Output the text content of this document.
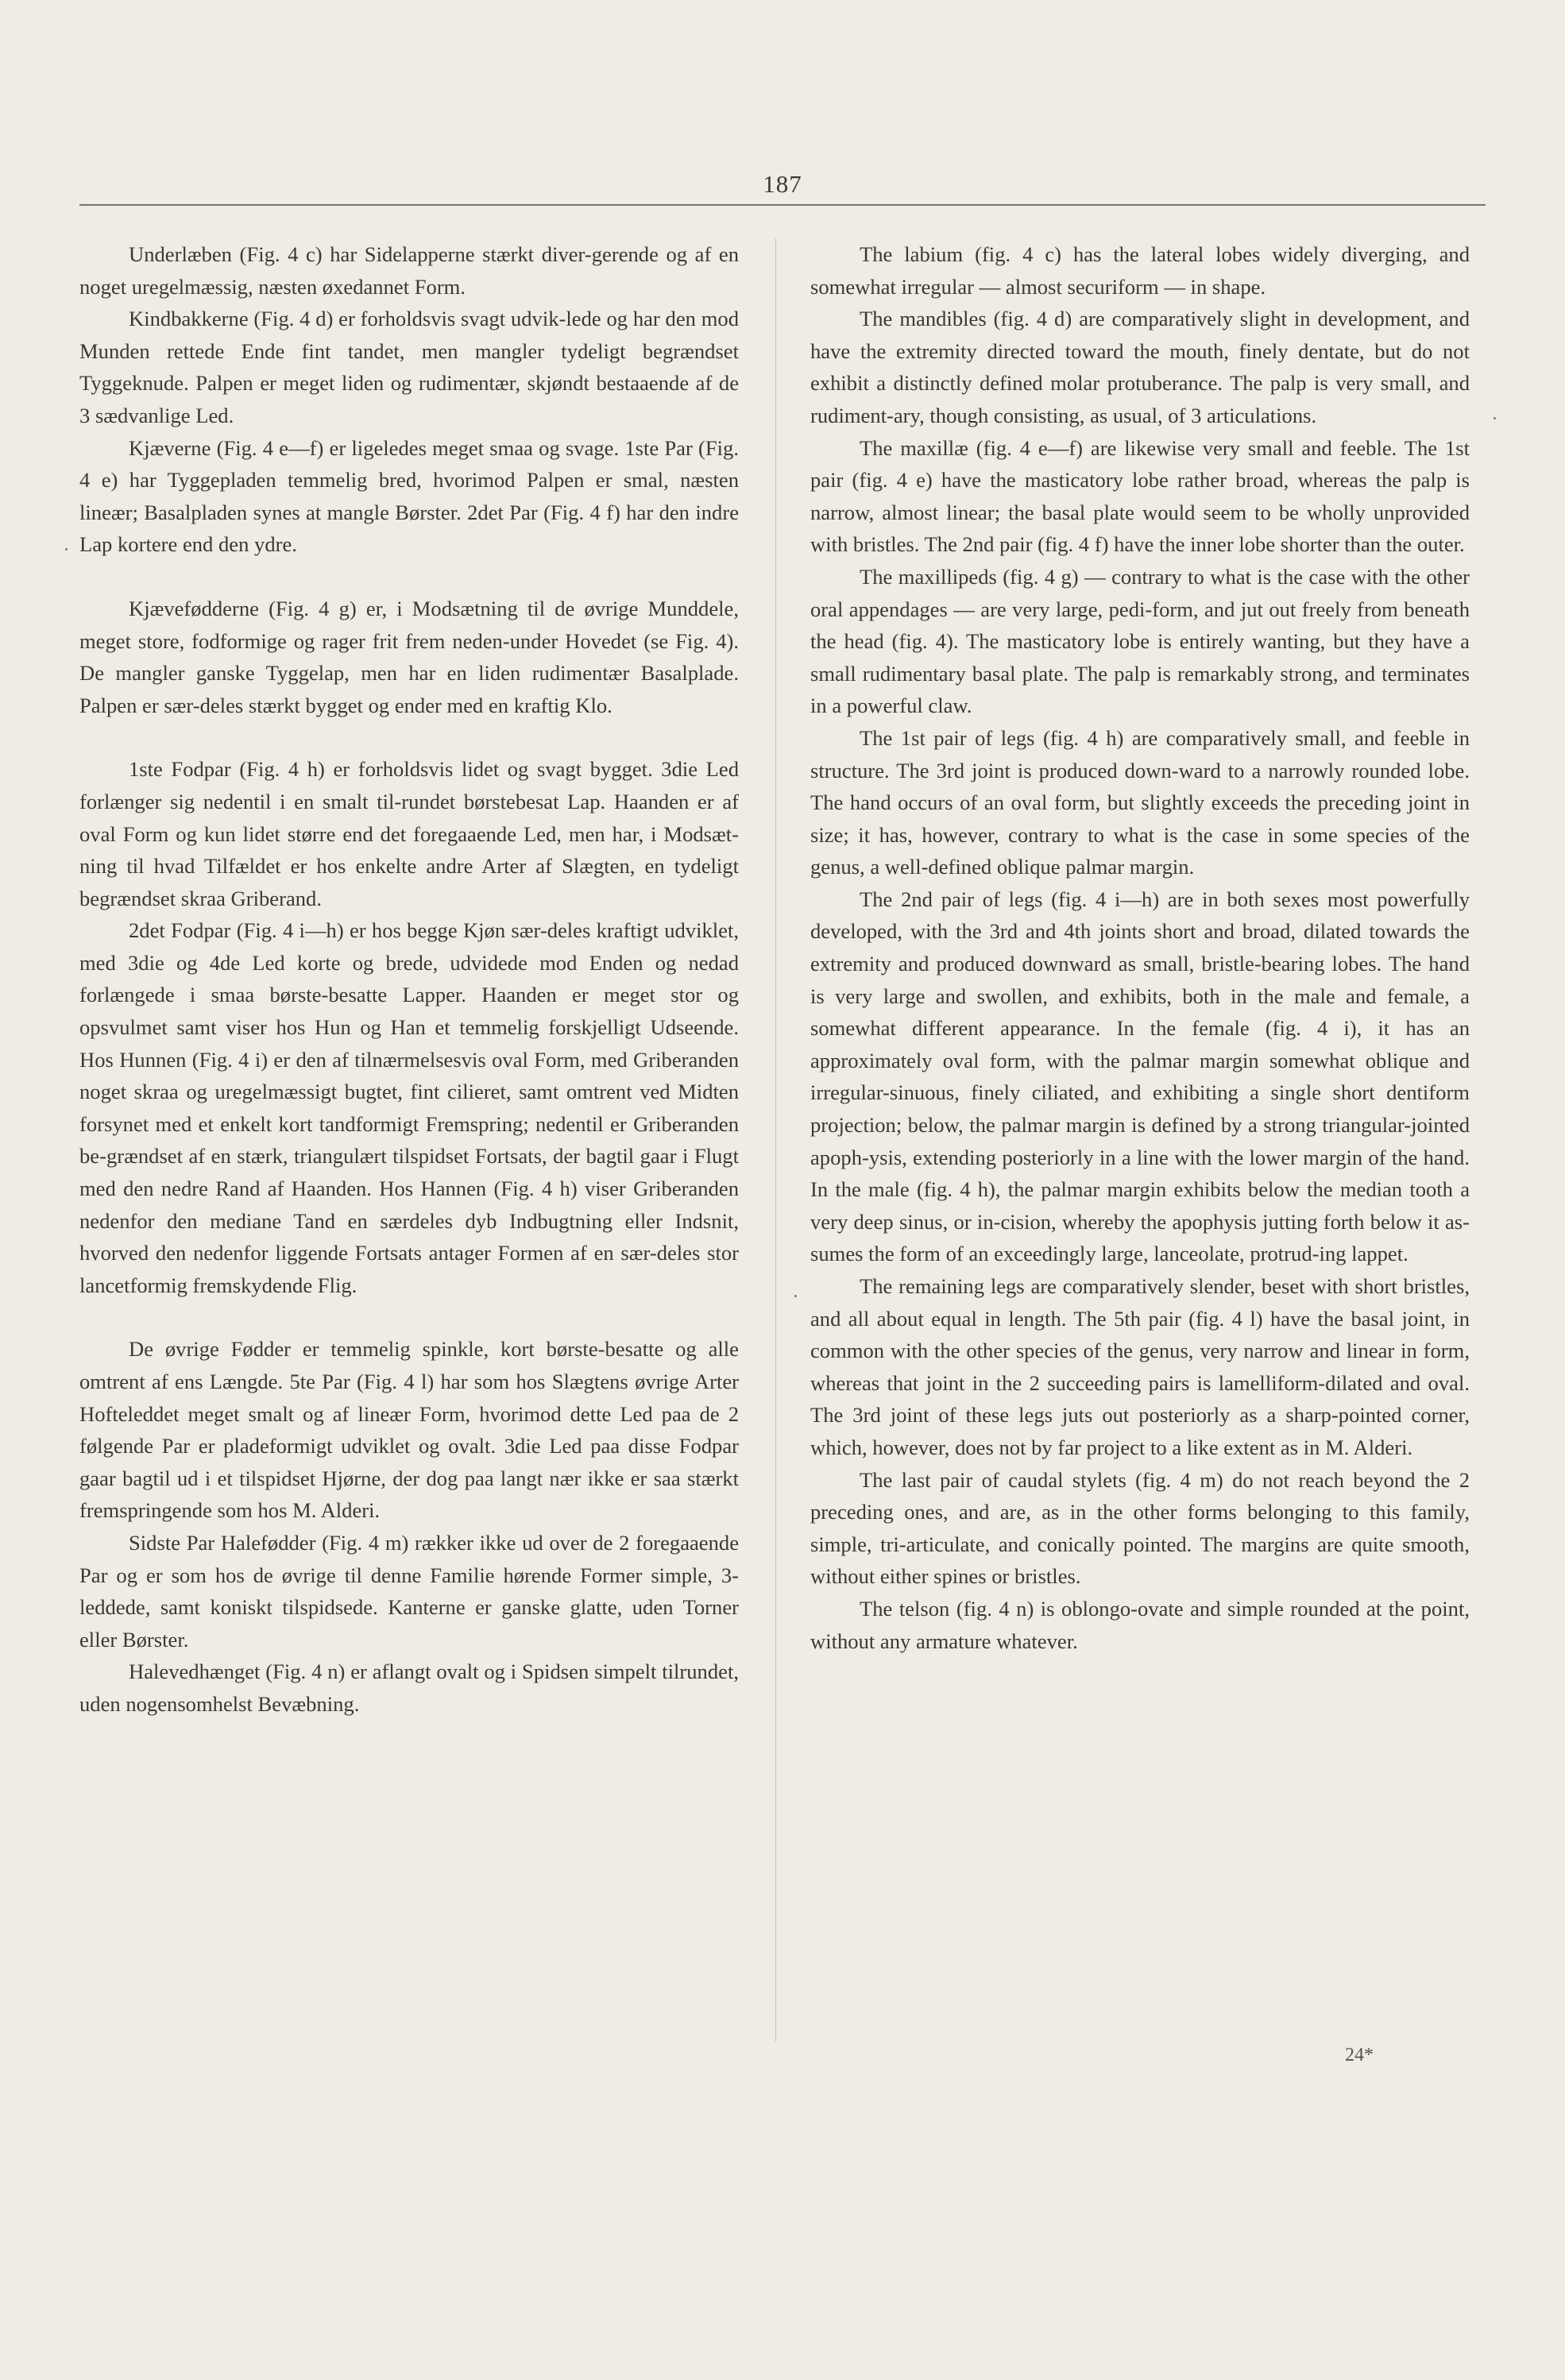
187

Underlæben (Fig. 4 c) har Sidelapperne stærkt diver-gerende og af en noget uregelmæssig, næsten øxedannet Form.

Kindbakkerne (Fig. 4 d) er forholdsvis svagt udvik-lede og har den mod Munden rettede Ende fint tandet, men mangler tydeligt begrændset Tyggeknude. Palpen er meget liden og rudimentær, skjøndt bestaaende af de 3 sædvanlige Led.

Kjæverne (Fig. 4 e—f) er ligeledes meget smaa og svage. 1ste Par (Fig. 4 e) har Tyggepladen temmelig bred, hvorimod Palpen er smal, næsten lineær; Basalpladen synes at mangle Børster. 2det Par (Fig. 4 f) har den indre Lap kortere end den ydre.

Kjævefødderne (Fig. 4 g) er, i Modsætning til de øvrige Munddele, meget store, fodformige og rager frit frem neden-under Hovedet (se Fig. 4). De mangler ganske Tyggelap, men har en liden rudimentær Basalplade. Palpen er sær-deles stærkt bygget og ender med en kraftig Klo.

1ste Fodpar (Fig. 4 h) er forholdsvis lidet og svagt bygget. 3die Led forlænger sig nedentil i en smalt til-rundet børstebesat Lap. Haanden er af oval Form og kun lidet større end det foregaaende Led, men har, i Modsæt-ning til hvad Tilfældet er hos enkelte andre Arter af Slægten, en tydeligt begrændset skraa Griberand.

2det Fodpar (Fig. 4 i—h) er hos begge Kjøn sær-deles kraftigt udviklet, med 3die og 4de Led korte og brede, udvidede mod Enden og nedad forlængede i smaa børste-besatte Lapper. Haanden er meget stor og opsvulmet samt viser hos Hun og Han et temmelig forskjelligt Udseende. Hos Hunnen (Fig. 4 i) er den af tilnærmelsesvis oval Form, med Griberanden noget skraa og uregelmæssigt bugtet, fint cilieret, samt omtrent ved Midten forsynet med et enkelt kort tandformigt Fremspring; nedentil er Griberanden be-grændset af en stærk, triangulært tilspidset Fortsats, der bagtil gaar i Flugt med den nedre Rand af Haanden. Hos Hannen (Fig. 4 h) viser Griberanden nedenfor den mediane Tand en særdeles dyb Indbugtning eller Indsnit, hvorved den nedenfor liggende Fortsats antager Formen af en sær-deles stor lancetformig fremskydende Flig.

De øvrige Fødder er temmelig spinkle, kort børste-besatte og alle omtrent af ens Længde. 5te Par (Fig. 4 l) har som hos Slægtens øvrige Arter Hofteleddet meget smalt og af lineær Form, hvorimod dette Led paa de 2 følgende Par er pladeformigt udviklet og ovalt. 3die Led paa disse Fodpar gaar bagtil ud i et tilspidset Hjørne, der dog paa langt nær ikke er saa stærkt fremspringende som hos M. Alderi.

Sidste Par Halefødder (Fig. 4 m) rækker ikke ud over de 2 foregaaende Par og er som hos de øvrige til denne Familie hørende Former simple, 3-leddede, samt koniskt tilspidsede. Kanterne er ganske glatte, uden Torner eller Børster.

Halevedhænget (Fig. 4 n) er aflangt ovalt og i Spidsen simpelt tilrundet, uden nogensomhelst Bevæbning.

The labium (fig. 4 c) has the lateral lobes widely diverging, and somewhat irregular — almost securiform — in shape.

The mandibles (fig. 4 d) are comparatively slight in development, and have the extremity directed toward the mouth, finely dentate, but do not exhibit a distinctly defined molar protuberance. The palp is very small, and rudiment-ary, though consisting, as usual, of 3 articulations.

The maxillæ (fig. 4 e—f) are likewise very small and feeble. The 1st pair (fig. 4 e) have the masticatory lobe rather broad, whereas the palp is narrow, almost linear; the basal plate would seem to be wholly unprovided with bristles. The 2nd pair (fig. 4 f) have the inner lobe shorter than the outer.

The maxillipeds (fig. 4 g) — contrary to what is the case with the other oral appendages — are very large, pedi-form, and jut out freely from beneath the head (fig. 4). The masticatory lobe is entirely wanting, but they have a small rudimentary basal plate. The palp is remarkably strong, and terminates in a powerful claw.

The 1st pair of legs (fig. 4 h) are comparatively small, and feeble in structure. The 3rd joint is produced down-ward to a narrowly rounded lobe. The hand occurs of an oval form, but slightly exceeds the preceding joint in size; it has, however, contrary to what is the case in some species of the genus, a well-defined oblique palmar margin.

The 2nd pair of legs (fig. 4 i—h) are in both sexes most powerfully developed, with the 3rd and 4th joints short and broad, dilated towards the extremity and produced downward as small, bristle-bearing lobes. The hand is very large and swollen, and exhibits, both in the male and female, a somewhat different appearance. In the female (fig. 4 i), it has an approximately oval form, with the palmar margin somewhat oblique and irregular-sinuous, finely ciliated, and exhibiting a single short dentiform projection; below, the palmar margin is defined by a strong triangular-jointed apoph-ysis, extending posteriorly in a line with the lower margin of the hand. In the male (fig. 4 h), the palmar margin exhibits below the median tooth a very deep sinus, or in-cision, whereby the apophysis jutting forth below it as-sumes the form of an exceedingly large, lanceolate, protrud-ing lappet.

The remaining legs are comparatively slender, beset with short bristles, and all about equal in length. The 5th pair (fig. 4 l) have the basal joint, in common with the other species of the genus, very narrow and linear in form, whereas that joint in the 2 succeeding pairs is lamelliform-dilated and oval. The 3rd joint of these legs juts out posteriorly as a sharp-pointed corner, which, however, does not by far project to a like extent as in M. Alderi.

The last pair of caudal stylets (fig. 4 m) do not reach beyond the 2 preceding ones, and are, as in the other forms belonging to this family, simple, tri-articulate, and conically pointed. The margins are quite smooth, without either spines or bristles.

The telson (fig. 4 n) is oblongo-ovate and simple rounded at the point, without any armature whatever.

24*
